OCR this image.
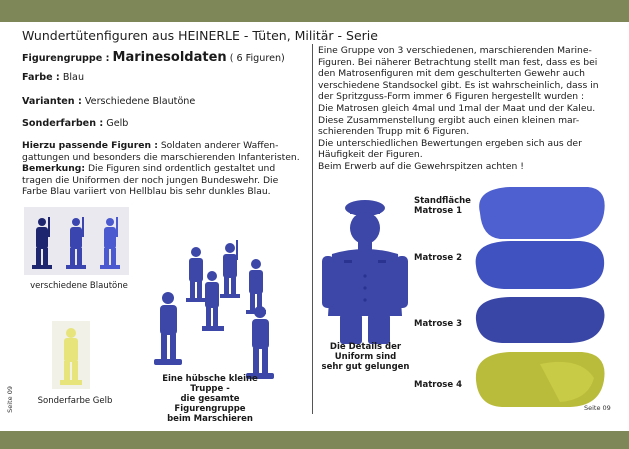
Wundertütenfiguren aus HEINERLE - Tüten, Militär - Serie
Figurengruppe : Marinesoldaten ( 6 Figuren)
Farbe : Blau
Varianten : Verschiedene Blautöne
Sonderfarben : Gelb
Hierzu passende Figuren : Soldaten anderer Waffen-
gattungen und besonders die marschierenden Infanteristen.
Bemerkung: Die Figuren sind ordentlich gestaltet und
tragen die Uniformen der noch jungen Bundeswehr. Die
Farbe Blau variiert von Hellblau bis sehr dunkles Blau.
verschiedene Blautöne
Sonderfarbe Gelb
Seite 09
Eine hübsche kleine
Truppe -
die gesamte Figurengruppe
beim Marschieren
Eine Gruppe von 3 verschiedenen, marschierenden Marine-
Figuren. Bei näherer Betrachtung stellt man fest, dass es bei
den Matrosenfiguren mit dem geschulterten Gewehr auch
verschiedene Standsockel gibt. Es ist wahrscheinlich, dass in
der Spritzguss-Form immer 6 Figuren hergestellt wurden :
Die Matrosen gleich 4mal und 1mal der Maat und der Kaleu.
Diese Zusammenstellung ergibt auch einen kleinen mar-
schierenden Trupp mit 6 Figuren.
Die unterschiedlichen Bewertungen ergeben sich aus der
Häufigkeit der Figuren.
Beim Erwerb auf die Gewehrspitzen achten !
Die Details der
Uniform sind
sehr gut gelungen
Standfläche
Matrose 1
Matrose 2
Matrose 3
Matrose 4
Seite 09
